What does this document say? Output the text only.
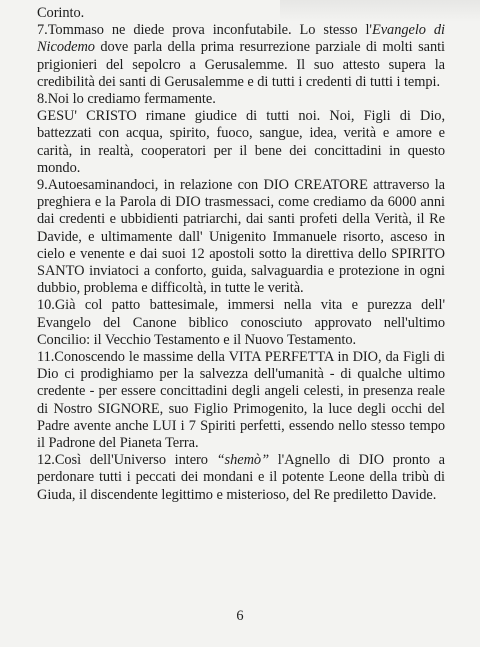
Corinto.

7.Tommaso ne diede prova inconfutabile. Lo stesso l'Evangelo di Nicodemo dove parla della prima resurrezione parziale di molti santi prigionieri del sepolcro a Gerusalemme. Il suo attesto supera la credibilità dei santi di Gerusalemme e di tutti i credenti di tutti i tempi.

8.Noi lo crediamo fermamente.

GESU' CRISTO rimane giudice di tutti noi. Noi, Figli di Dio, battezzati con acqua, spirito, fuoco, sangue, idea, verità e amore e carità, in realtà, cooperatori per il bene dei concittadini in questo mondo.

9.Autoesaminandoci, in relazione con DIO CREATORE attraverso la preghiera e la Parola di DIO trasmessaci, come crediamo da 6000 anni dai credenti e ubbidienti patriarchi, dai santi profeti della Verità, il Re Davide, e ultimamente dall' Unigenito Immanuele risorto, asceso in cielo e venente e dai suoi 12 apostoli sotto la direttiva dello SPIRITO SANTO inviatoci a conforto, guida, salvaguardia e protezione in ogni dubbio, problema e difficoltà, in tutte le verità.

10.Già col patto battesimale, immersi nella vita e purezza dell' Evangelo del Canone biblico conosciuto approvato nell'ultimo Concilio: il Vecchio Testamento e il Nuovo Testamento.

11.Conoscendo le massime della VITA PERFETTA in DIO, da Figli di Dio ci prodighiamo per la salvezza dell'umanità - di qualche ultimo credente - per essere concittadini degli angeli celesti, in presenza reale di Nostro SIGNORE, suo Figlio Primogenito, la luce degli occhi del Padre avente anche LUI i 7 Spiriti perfetti, essendo nello stesso tempo il Padrone del Pianeta Terra.

12.Così dell'Universo intero “shemò” l'Agnello di DIO pronto a perdonare tutti i peccati dei mondani e il potente Leone della tribù di Giuda, il discendente legittimo e misterioso, del Re prediletto Davide.

6
